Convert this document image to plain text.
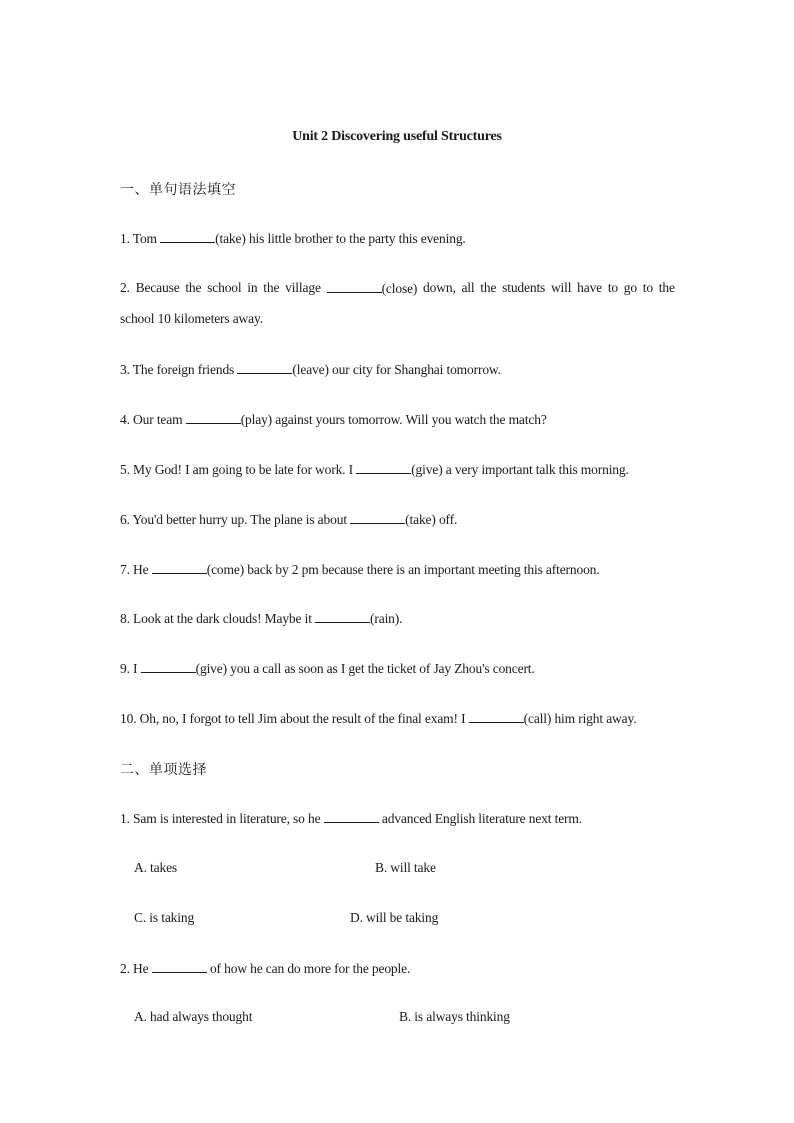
Unit 2 Discovering useful Structures
一、单句语法填空
1. Tom	(take) his little brother to the party this evening.
2. Because the school in the village	(close) down, all the students will have to go to the
school 10 kilometers away.
3. The foreign friends	(leave) our city for Shanghai tomorrow.
4. Our team	(play) against yours tomorrow. Will you watch the match?
5. My God! I am going to be late for work. I	(give) a very important talk this morning.
6. You'd better hurry up. The plane is about	(take) off.
7. He	(come) back by 2 pm because there is an important meeting this afternoon.
8. Look at the dark clouds! Maybe it	(rain).
9. I	(give) you a call as soon as I get the ticket of Jay Zhou's concert.
10. Oh, no, I forgot to tell Jim about the result of the final exam! I	(call) him right away.
二、单项选择
1. Sam is interested in literature, so he	advanced English literature next term.
A. takes	B. will take
C. is taking	D. will be taking
2. He	of how he can do more for the people.
A. had always thought	B. is always thinking
